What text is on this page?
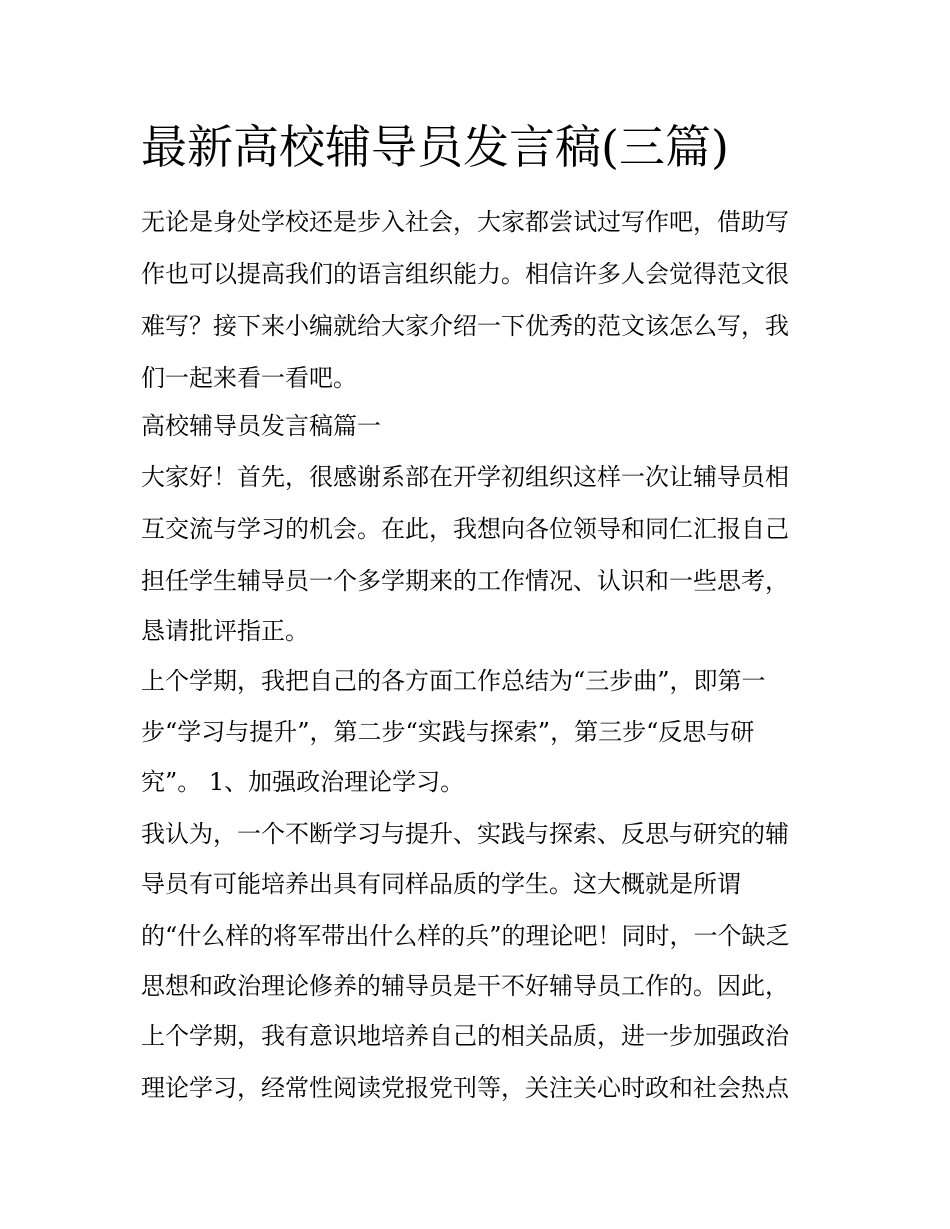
最新高校辅导员发言稿(三篇)

无论是身处学校还是步入社会，大家都尝试过写作吧，借助写

作也可以提高我们的语言组织能力。相信许多人会觉得范文很

难写？接下来小编就给大家介绍一下优秀的范文该怎么写，我

们一起来看一看吧。

高校辅导员发言稿篇一

大家好！首先，很感谢系部在开学初组织这样一次让辅导员相

互交流与学习的机会。在此，我想向各位领导和同仁汇报自己

担任学生辅导员一个多学期来的工作情况、认识和一些思考，

恳请批评指正。

上个学期，我把自己的各方面工作总结为“三步曲”，即第一

步“学习与提升”，第二步“实践与探索”，第三步“反思与研

究”。 1、加强政治理论学习。

我认为，一个不断学习与提升、实践与探索、反思与研究的辅

导员有可能培养出具有同样品质的学生。这大概就是所谓

的“什么样的将军带出什么样的兵”的理论吧！同时，一个缺乏

思想和政治理论修养的辅导员是干不好辅导员工作的。因此，

上个学期，我有意识地培养自己的相关品质，进一步加强政治

理论学习，经常性阅读党报党刊等，关注关心时政和社会热点
